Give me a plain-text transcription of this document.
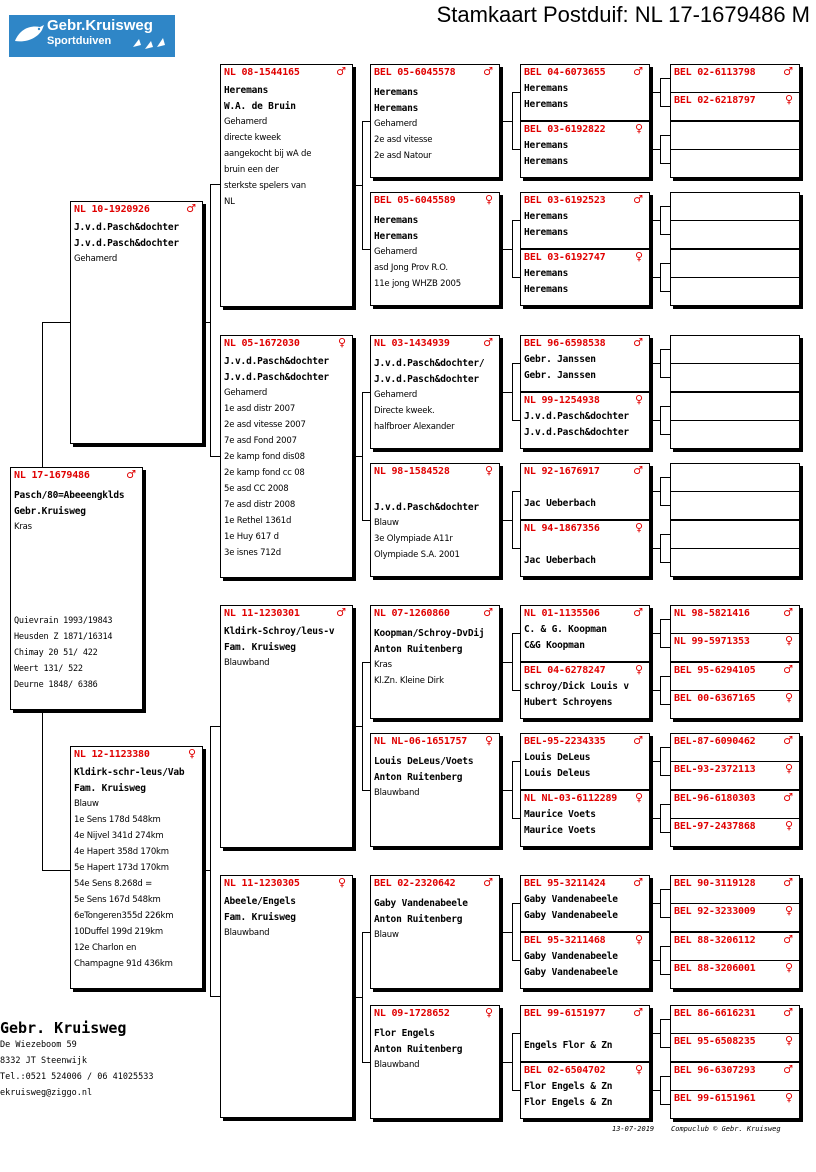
Gebr.Kruisweg
Sportduiven
Stamkaart Postduif: NL 17-1679486 M
NL 17-1679486	♂
Pasch/80=Abeeengklds
Gebr.Kruisweg
Kras
Quievrain 1993/19843
Heusden Z 1871/16314
Chimay 20 51/ 422
Weert 131/ 522
Deurne 1848/ 6386
NL 10-1920926	♂
J.v.d.Pasch&dochter
J.v.d.Pasch&dochter
Gehamerd
NL 12-1123380	♀
Kldirk-schr-leus/Vab
Fam. Kruisweg
Blauw
1e Sens 178d 548km
4e Nijvel 341d 274km
4e Hapert 358d 170km
5e Hapert 173d 170km
54e Sens 8.268d =
5e Sens 167d 548km
6eTongeren355d 226km
10Duffel 199d 219km
12e Charlon en
Champagne 91d 436km
NL 08-1544165	♂
Heremans
W.A. de Bruin
Gehamerd
directe kweek
aangekocht bij wA de
bruin een der
sterkste spelers van
NL
NL 05-1672030	♀
J.v.d.Pasch&dochter
J.v.d.Pasch&dochter
Gehamerd
1e asd distr 2007
2e asd vitesse 2007
7e asd Fond 2007
2e kamp fond dis08
2e kamp fond cc 08
5e asd CC 2008
7e asd distr 2008
1e Rethel 1361d
1e Huy 617 d
3e isnes 712d
NL 11-1230301	♂
Kldirk-Schroy/leus-v
Fam. Kruisweg
Blauwband
NL 11-1230305	♀
Abeele/Engels
Fam. Kruisweg
Blauwband
BEL 05-6045578	♂
Heremans
Heremans
Gehamerd
2e asd vitesse
2e asd Natour
BEL 05-6045589	♀
Heremans
Heremans
Gehamerd
asd Jong Prov R.O.
11e jong WHZB 2005
NL 03-1434939	♂
J.v.d.Pasch&dochter/
J.v.d.Pasch&dochter
Gehamerd
Directe kweek.
halfbroer Alexander
NL 98-1584528	♀
J.v.d.Pasch&dochter
Blauw
3e Olympiade A11r
Olympiade S.A. 2001
NL 07-1260860	♂
Koopman/Schroy-DvDij
Anton Ruitenberg
Kras
Kl.Zn. Kleine Dirk
NL NL-06-1651757 ♀
Louis DeLeus/Voets
Anton Ruitenberg
Blauwband
BEL 02-2320642	♂
Gaby Vandenabeele
Anton Ruitenberg
Blauw
NL 09-1728652	♀
Flor Engels
Anton Ruitenberg
Blauwband
BEL 04-6073655	♂
Heremans
Heremans
BEL 03-6192822	♀
Heremans
Heremans
BEL 03-6192523	♂
Heremans
Heremans
BEL 03-6192747	♀
Heremans
Heremans
BEL 96-6598538	♂
Gebr. Janssen
Gebr. Janssen
NL 99-1254938	♀
J.v.d.Pasch&dochter
J.v.d.Pasch&dochter
NL 92-1676917	♂
Jac Ueberbach
NL 94-1867356	♀
Jac Ueberbach
NL 01-1135506	♂
C. & G. Koopman
C&G Koopman
BEL 04-6278247	♀
schroy/Dick Louis v
Hubert Schroyens
BEL-95-2234335	♂
Louis DeLeus
Louis Deleus
NL NL-03-6112289 ♀
Maurice Voets
Maurice Voets
BEL 95-3211424	♂
Gaby Vandenabeele
Gaby Vandenabeele
BEL 95-3211468	♀
Gaby Vandenabeele
Gaby Vandenabeele
BEL 99-6151977	♂
Engels Flor & Zn
BEL 02-6504702	♀
Flor Engels & Zn
Flor Engels & Zn
BEL 02-6113798	♂
BEL 02-6218797	♀
NL 98-5821416	♂
NL 99-5971353	♀
BEL 95-6294105	♂
BEL 00-6367165	♀
BEL-87-6090462	♂
BEL-93-2372113	♀
BEL-96-6180303	♂
BEL-97-2437868	♀
BEL 90-3119128	♂
BEL 92-3233009	♀
BEL 88-3206112	♂
BEL 88-3206001	♀
BEL 86-6616231	♂
BEL 95-6508235	♀
BEL 96-6307293	♂
BEL 99-6151961	♀
Gebr. Kruisweg
De Wiezeboom 59
8332 JT Steenwijk
Tel.:0521 524006 / 06 41025533
ekruisweg@ziggo.nl
13-07-2019 Compuclub © Gebr. Kruisweg
